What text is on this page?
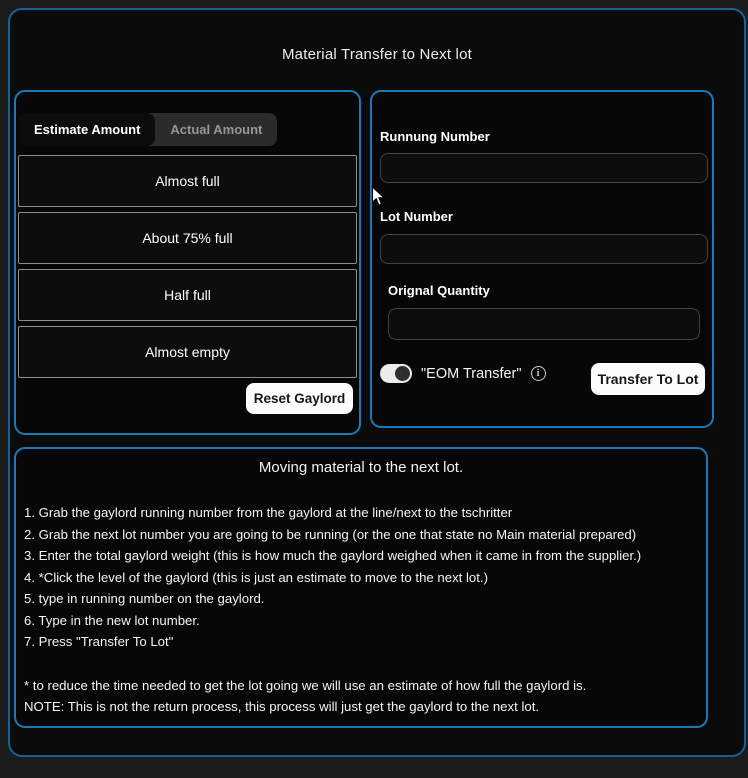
Material Transfer to Next lot
Estimate Amount	Actual Amount
Almost full
About 75% full
Half full
Almost empty
Reset Gaylord
Runnung Number
Lot Number
Orignal Quantity
"EOM Transfer"	i	Transfer To Lot
Moving material to the next lot.
1. Grab the gaylord running number from the gaylord at the line/next to the tschritter
2. Grab the next lot number you are going to be running (or the one that state no Main material prepared)
3. Enter the total gaylord weight (this is how much the gaylord weighed when it came in from the supplier.)
4. *Click the level of the gaylord (this is just an estimate to move to the next lot.)
5. type in running number on the gaylord.
6. Type in the new lot number.
7. Press "Transfer To Lot"
* to reduce the time needed to get the lot going we will use an estimate of how full the gaylord is.
NOTE: This is not the return process, this process will just get the gaylord to the next lot.
